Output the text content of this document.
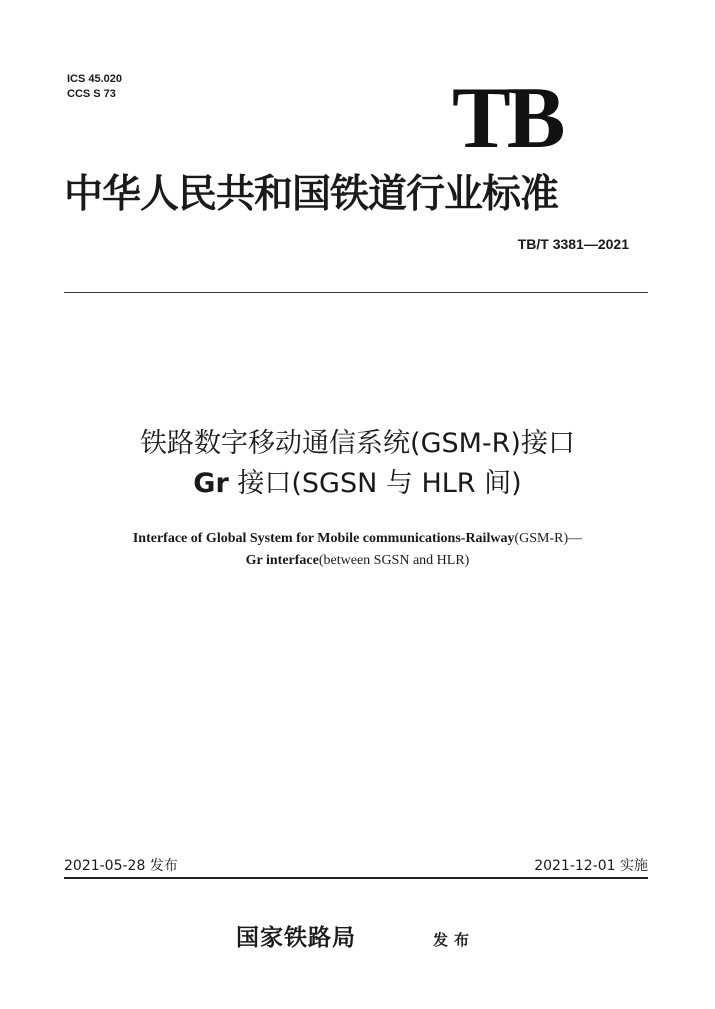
ICS 45.020
CCS S 73	TB
中华人民共和国铁道行业标准
TB/T 3381—2021
铁路数字移动通信系统(GSM-R)接口
Gr 接口(SGSN 与 HLR 间)
Interface of Global System for Mobile communications-Railway(GSM-R)—
Gr interface(between SGSN and HLR)
2021-05-28 发布	2021-12-01 实施
国家铁路局	发布
